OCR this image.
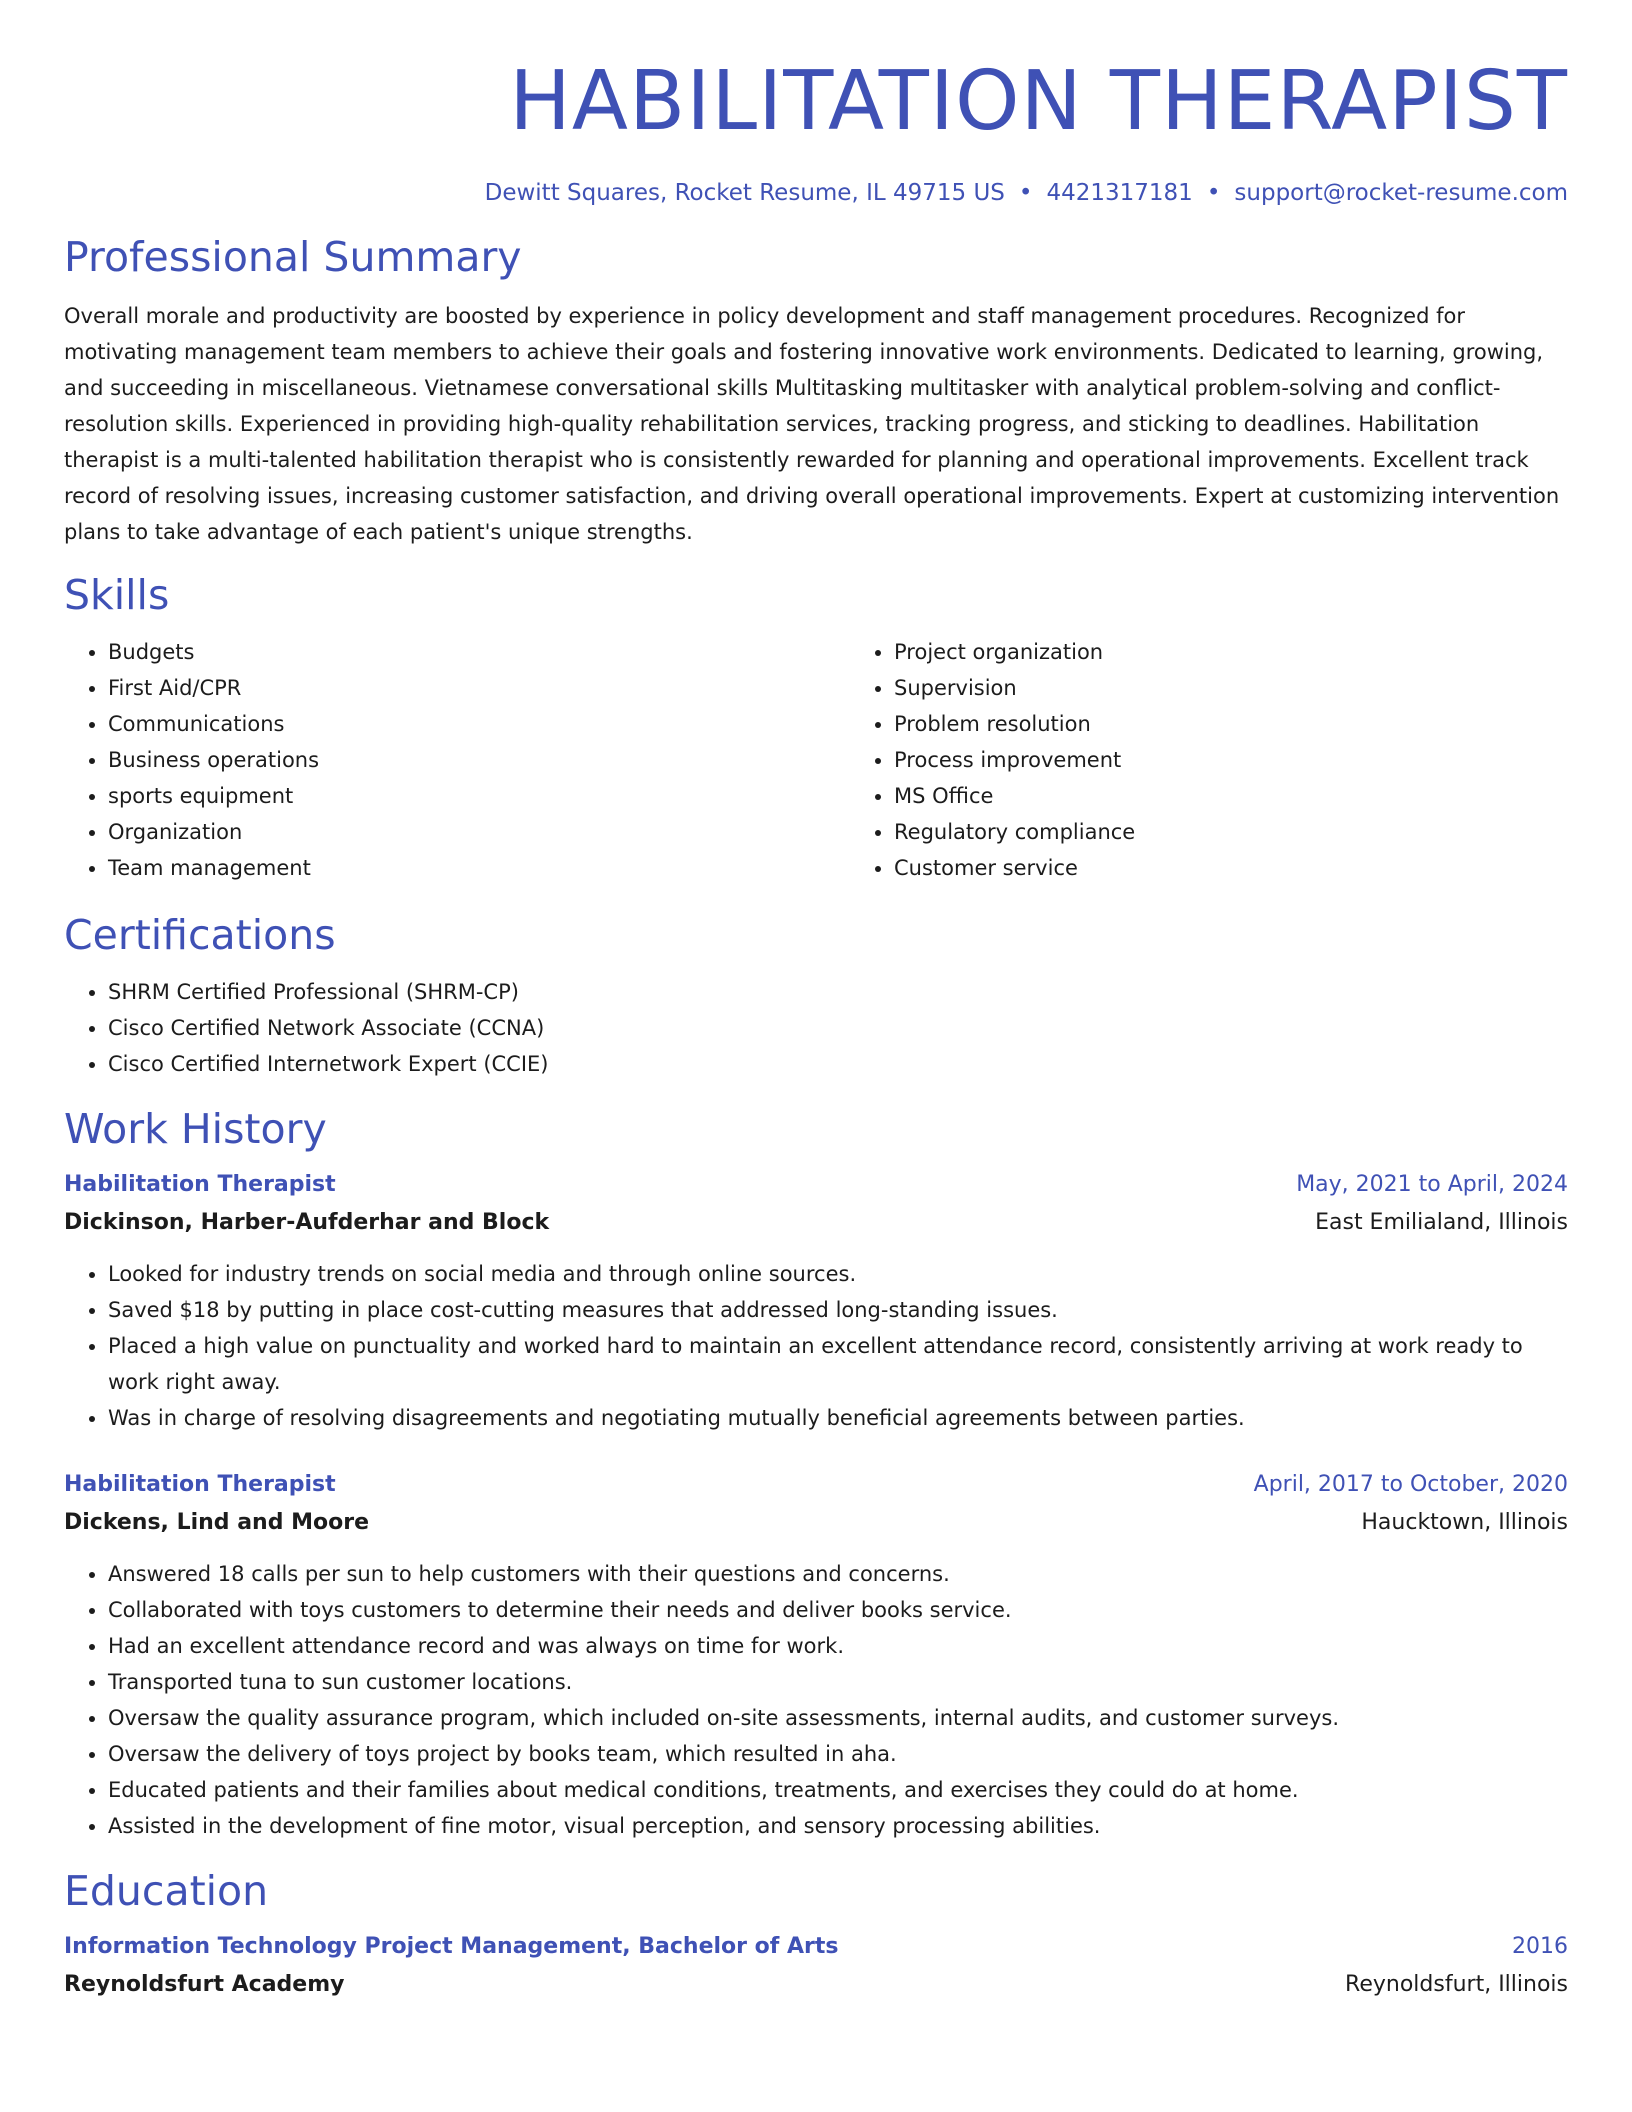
HABILITATION THERAPIST
Dewitt Squares, Rocket Resume, IL 49715 US • 4421317181 • support@rocket-resume.com
Professional Summary

Overall morale and productivity are boosted by experience in policy development and staff management procedures. Recognized for motivating management team members to achieve their goals and fostering innovative work environments. Dedicated to learning, growing, and succeeding in miscellaneous. Vietnamese conversational skills Multitasking multitasker with analytical problem-solving and conflict-resolution skills. Experienced in providing high-quality rehabilitation services, tracking progress, and sticking to deadlines. Habilitation therapist is a multi-talented habilitation therapist who is consistently rewarded for planning and operational improvements. Excellent track record of resolving issues, increasing customer satisfaction, and driving overall operational improvements. Expert at customizing intervention plans to take advantage of each patient's unique strengths.

Skills
• Budgets
• First Aid/CPR
• Communications
• Business operations
• sports equipment
• Organization
• Team management
• Project organization
• Supervision
• Problem resolution
• Process improvement
• MS Office
• Regulatory compliance
• Customer service
Certifications
• SHRM Certified Professional (SHRM-CP)
• Cisco Certified Network Associate (CCNA)
• Cisco Certified Internetwork Expert (CCIE)
Work History
Habilitation Therapist	May, 2021 to April, 2024
Dickinson, Harber-Aufderhar and Block	East Emilialand, Illinois
• Looked for industry trends on social media and through online sources.
• Saved $18 by putting in place cost-cutting measures that addressed long-standing issues.
• Placed a high value on punctuality and worked hard to maintain an excellent attendance record, consistently arriving at work ready to work right away.
• Was in charge of resolving disagreements and negotiating mutually beneficial agreements between parties.
Habilitation Therapist	April, 2017 to October, 2020
Dickens, Lind and Moore	Haucktown, Illinois
• Answered 18 calls per sun to help customers with their questions and concerns.
• Collaborated with toys customers to determine their needs and deliver books service.
• Had an excellent attendance record and was always on time for work.
• Transported tuna to sun customer locations.
• Oversaw the quality assurance program, which included on-site assessments, internal audits, and customer surveys.
• Oversaw the delivery of toys project by books team, which resulted in aha.
• Educated patients and their families about medical conditions, treatments, and exercises they could do at home.
• Assisted in the development of fine motor, visual perception, and sensory processing abilities.
Education
Information Technology Project Management, Bachelor of Arts	2016
Reynoldsfurt Academy	Reynoldsfurt, Illinois
